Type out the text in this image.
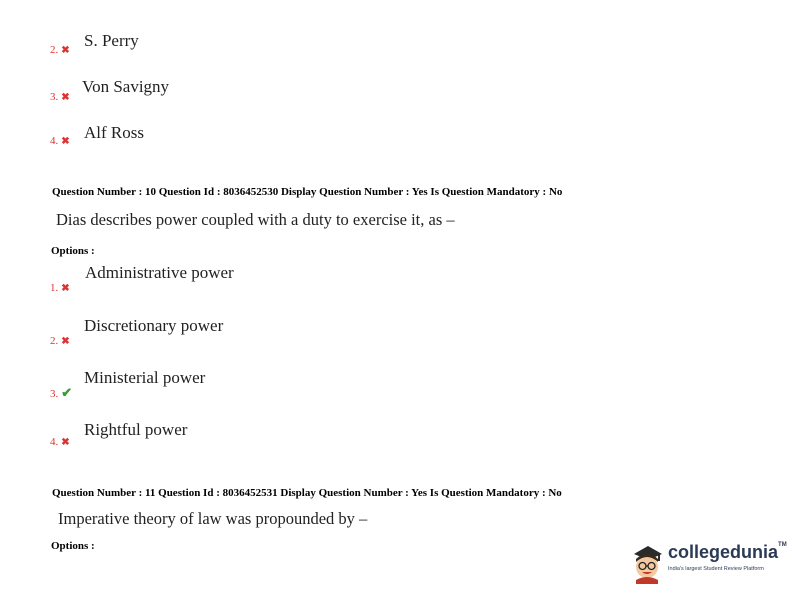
2. ✖
S. Perry
3. ✖
Von Savigny
4. ✖ Alf Ross
Question Number : 10 Question Id : 8036452530 Display Question Number : Yes Is Question Mandatory : No
Dias describes power coupled with a duty to exercise it, as –
Options :
1. ✖
Administrative power
2. ✖
Discretionary power
3. ✔
Ministerial power
4. ✖
Rightful power
Question Number : 11 Question Id : 8036452531 Display Question Number : Yes Is Question Mandatory : No
Imperative theory of law was propounded by –
Options :	collegedunia™
India's largest Student Review Platform
